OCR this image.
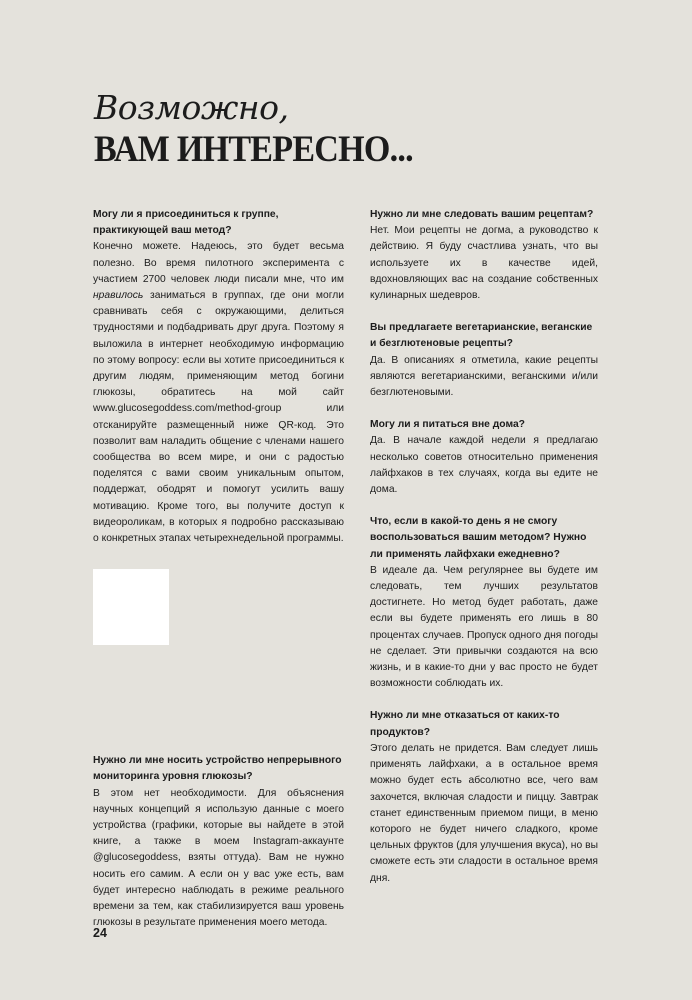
Возможно,
ВАМ ИНТЕРЕСНО...

Могу ли я присоединиться к группе, практикующей ваш метод?

Конечно можете. Надеюсь, это будет весьма полезно. Во время пилотного эксперимента с участием 2700 человек люди писали мне, что им нравилось заниматься в группах, где они могли сравнивать себя с окружающими, делиться трудностями и подбадривать друг друга. Поэтому я выложила в интернет необходимую информацию по этому вопросу: если вы хотите присоединиться к другим людям, применяющим метод богини глюкозы, обратитесь на мой сайт www.glucosegoddess.com/method-group или отсканируйте размещенный ниже QR-код. Это позволит вам наладить общение с членами нашего сообщества во всем мире, и они с радостью поделятся с вами своим уникальным опытом, поддержат, ободрят и помогут усилить вашу мотивацию. Кроме того, вы получите доступ к видеороликам, в которых я подробно рассказываю о конкретных этапах четырехнедельной программы.

Нужно ли мне носить устройство непрерывного мониторинга уровня глюкозы?

В этом нет необходимости. Для объяснения научных концепций я использую данные с моего устройства (графики, которые вы найдете в этой книге, а также в моем Instagram-аккаунте @glucosegoddess, взяты оттуда). Вам не нужно носить его самим. А если он у вас уже есть, вам будет интересно наблюдать в режиме реального времени за тем, как стабилизируется ваш уровень глюкозы в результате применения моего метода.

Нужно ли мне следовать вашим рецептам?

Нет. Мои рецепты не догма, а руководство к действию. Я буду счастлива узнать, что вы используете их в качестве идей, вдохновляющих вас на создание собственных кулинарных шедевров.

Вы предлагаете вегетарианские, веганские и безглютеновые рецепты?

Да. В описаниях я отметила, какие рецепты являются вегетарианскими, веганскими и/или безглютеновыми.

Могу ли я питаться вне дома?

Да. В начале каждой недели я предлагаю несколько советов относительно применения лайфхаков в тех случаях, когда вы едите не дома.

Что, если в какой-то день я не смогу воспользоваться вашим методом? Нужно ли применять лайфхаки ежедневно?

В идеале да. Чем регулярнее вы будете им следовать, тем лучших результатов достигнете. Но метод будет работать, даже если вы будете применять его лишь в 80 процентах случаев. Пропуск одного дня погоды не сделает. Эти привычки создаются на всю жизнь, и в какие-то дни у вас просто не будет возможности соблюдать их.

Нужно ли мне отказаться от каких-то продуктов?

Этого делать не придется. Вам следует лишь применять лайфхаки, а в остальное время можно будет есть абсолютно все, чего вам захочется, включая сладости и пиццу. Завтрак станет единственным приемом пищи, в меню которого не будет ничего сладкого, кроме цельных фруктов (для улучшения вкуса), но вы сможете есть эти сладости в остальное время дня.

24
